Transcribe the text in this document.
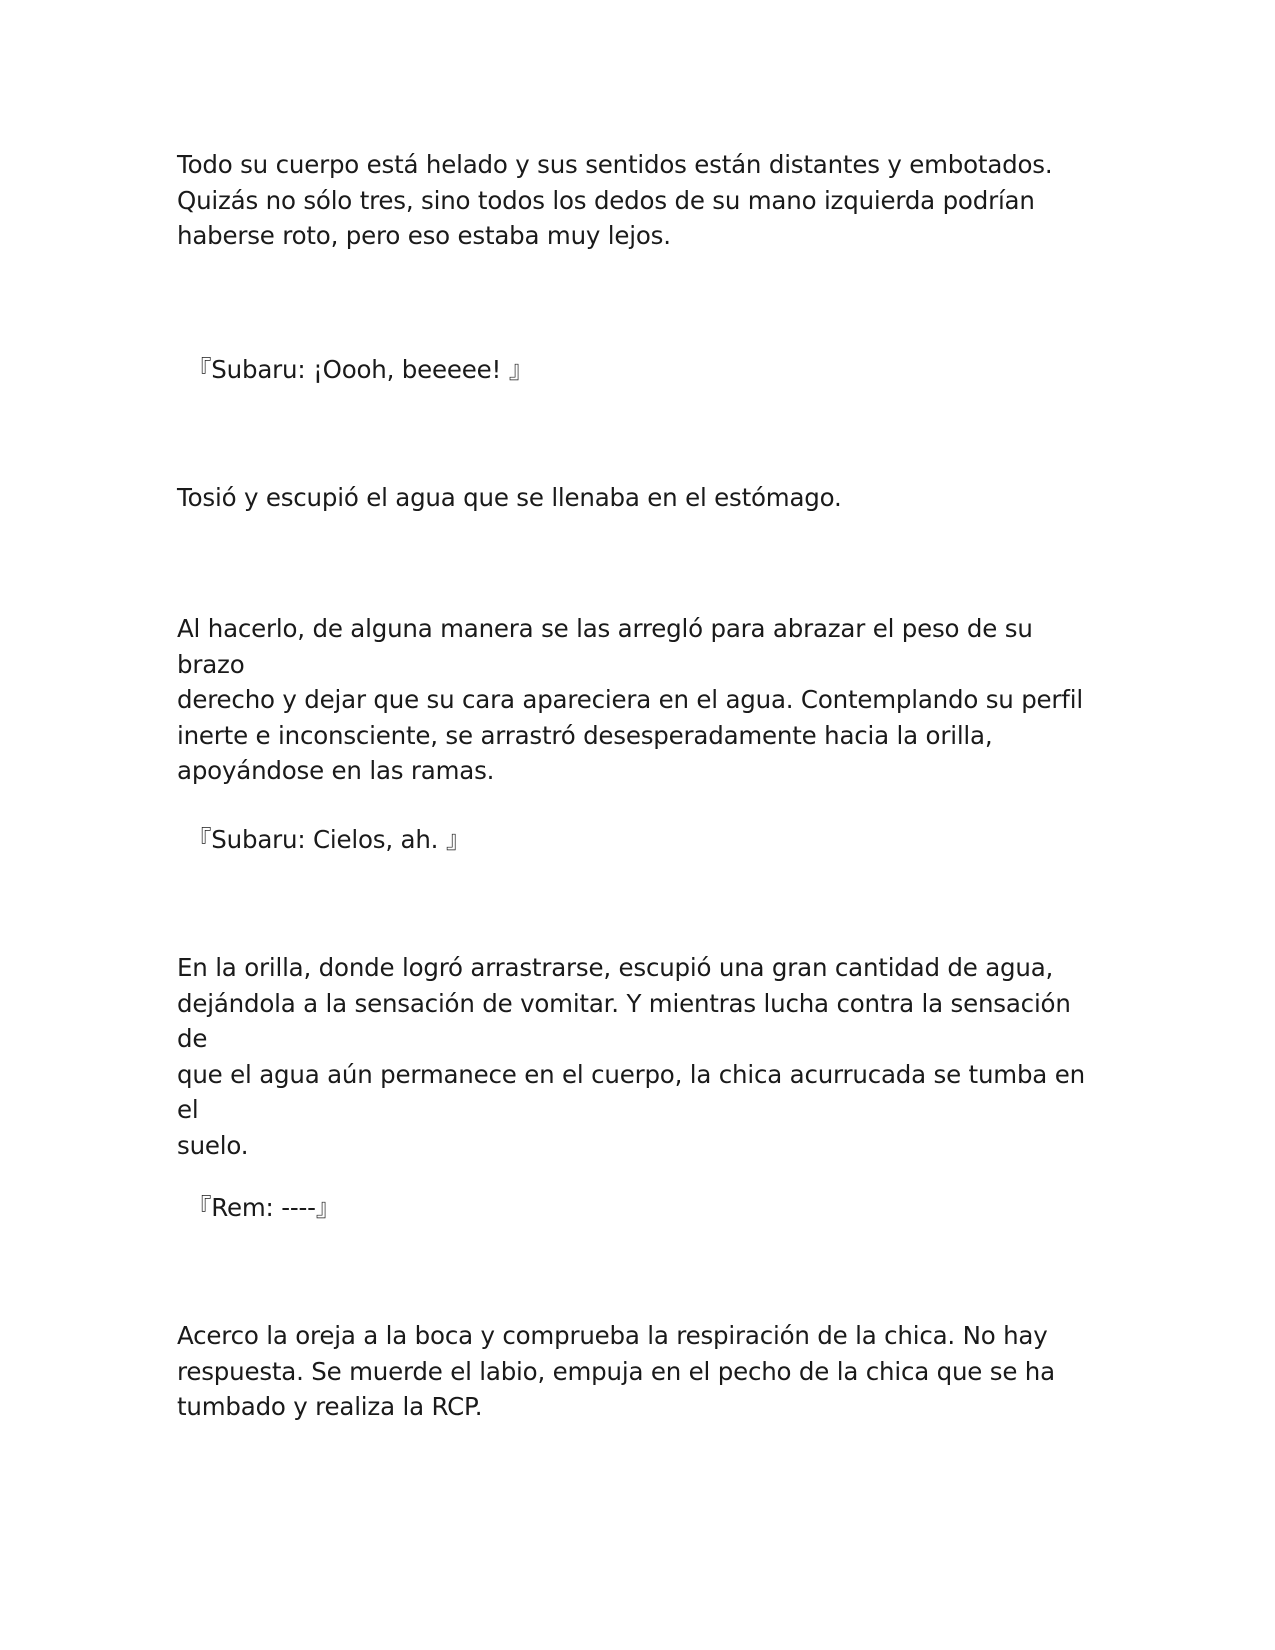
Todo su cuerpo está helado y sus sentidos están distantes y embotados.
Quizás no sólo tres, sino todos los dedos de su mano izquierda podrían
haberse roto, pero eso estaba muy lejos.

『Subaru: ¡Oooh, beeeee! 』

Tosió y escupió el agua que se llenaba en el estómago.

Al hacerlo, de alguna manera se las arregló para abrazar el peso de su brazo
derecho y dejar que su cara apareciera en el agua. Contemplando su perfil
inerte e inconsciente, se arrastró desesperadamente hacia la orilla,
apoyándose en las ramas.

『Subaru: Cielos, ah. 』

En la orilla, donde logró arrastrarse, escupió una gran cantidad de agua,
dejándola a la sensación de vomitar. Y mientras lucha contra la sensación de
que el agua aún permanece en el cuerpo, la chica acurrucada se tumba en el
suelo.

『Rem: ----』

Acerco la oreja a la boca y comprueba la respiración de la chica. No hay
respuesta. Se muerde el labio, empuja en el pecho de la chica que se ha
tumbado y realiza la RCP.
